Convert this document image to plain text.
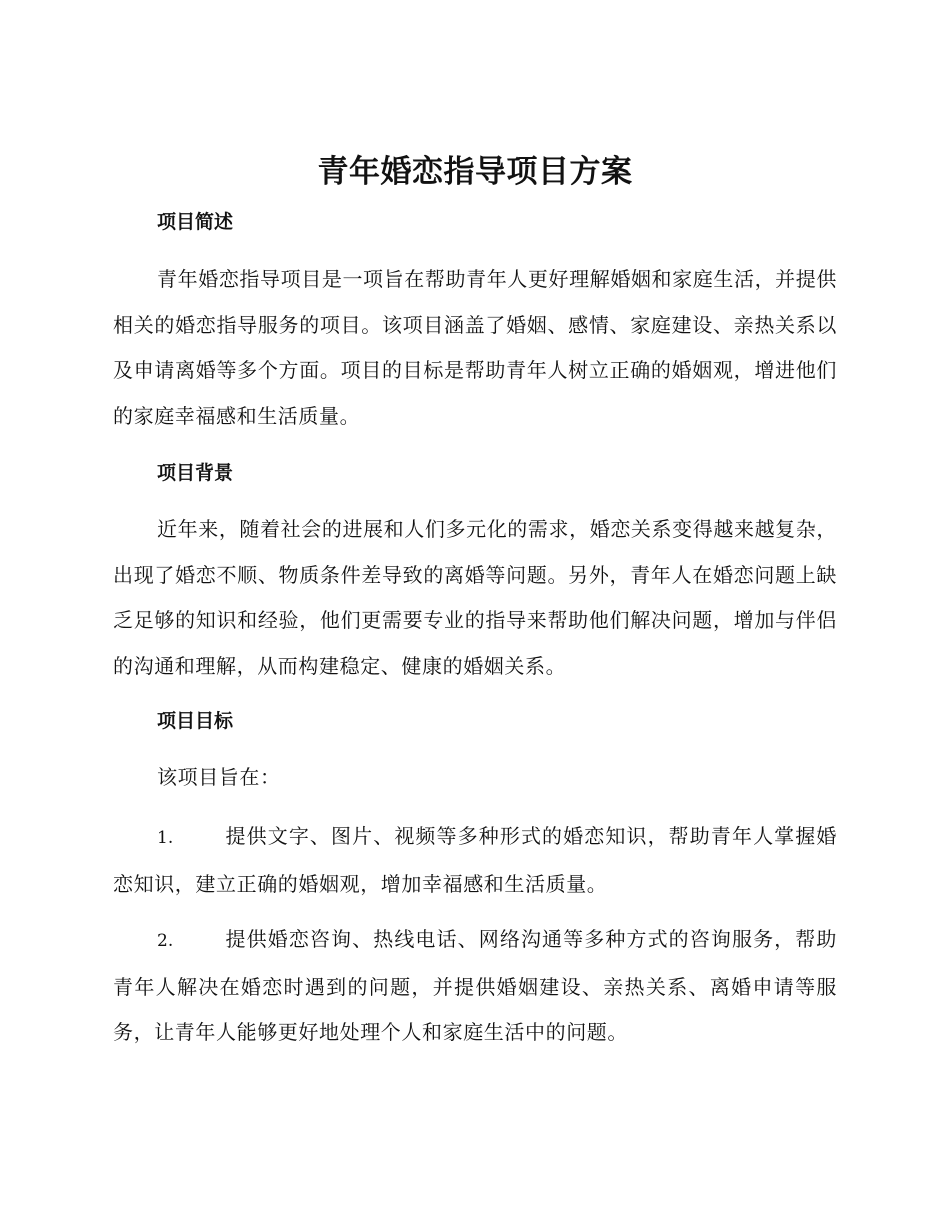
青年婚恋指导项目方案
项目简述
青年婚恋指导项目是一项旨在帮助青年人更好理解婚姻和家庭生活，并提供相关的婚恋指导服务的项目。该项目涵盖了婚姻、感情、家庭建设、亲热关系以及申请离婚等多个方面。项目的目标是帮助青年人树立正确的婚姻观，增进他们的家庭幸福感和生活质量。
项目背景
近年来，随着社会的进展和人们多元化的需求，婚恋关系变得越来越复杂，出现了婚恋不顺、物质条件差导致的离婚等问题。另外，青年人在婚恋问题上缺乏足够的知识和经验，他们更需要专业的指导来帮助他们解决问题，增加与伴侣的沟通和理解，从而构建稳定、健康的婚姻关系。
项目目标
该项目旨在：
1.	提供文字、图片、视频等多种形式的婚恋知识，帮助青年人掌握婚恋知识，建立正确的婚姻观，增加幸福感和生活质量。
2.	提供婚恋咨询、热线电话、网络沟通等多种方式的咨询服务，帮助青年人解决在婚恋时遇到的问题，并提供婚姻建设、亲热关系、离婚申请等服务，让青年人能够更好地处理个人和家庭生活中的问题。
